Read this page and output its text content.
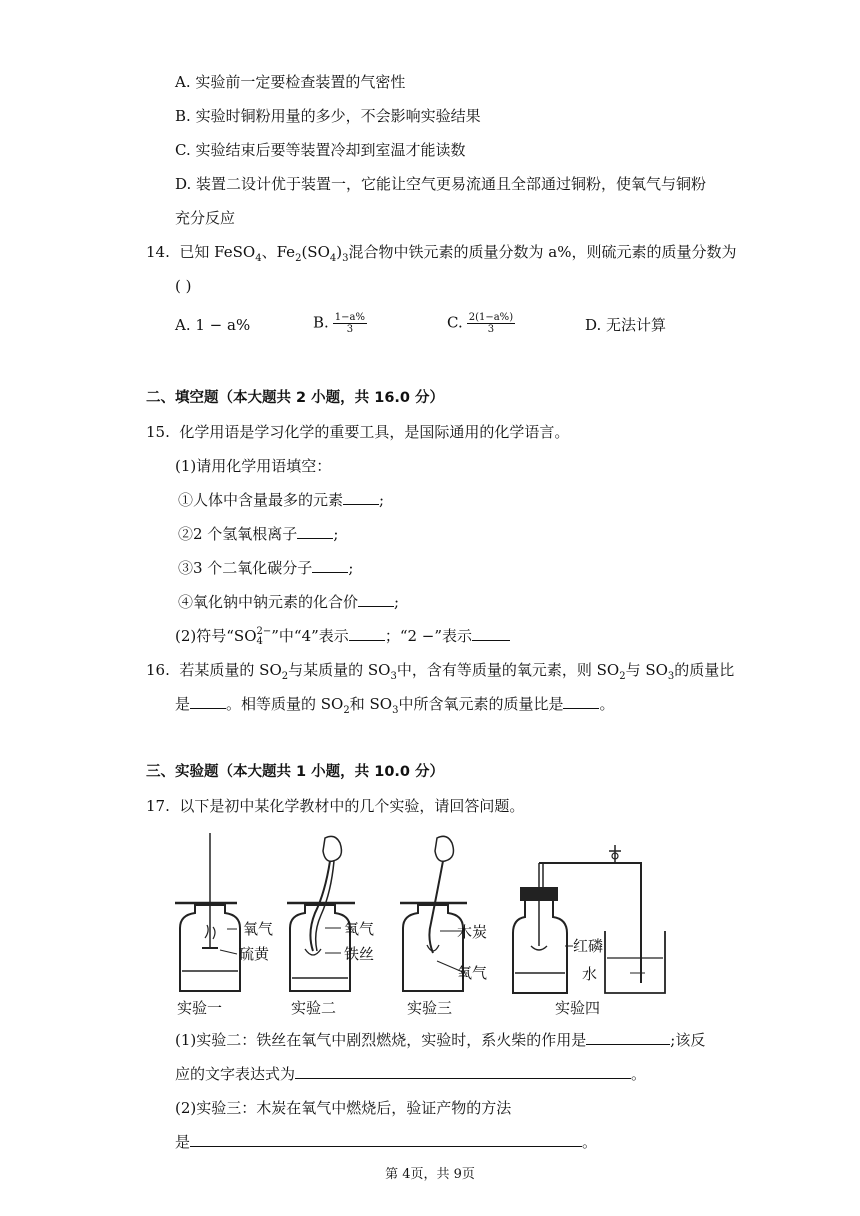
A. 实验前一定要检查装置的气密性
B. 实验时铜粉用量的多少，不会影响实验结果
C. 实验结束后要等装置冷却到室温才能读数
D. 装置二设计优于装置一，它能让空气更易流通且全部通过铜粉，使氧气与铜粉
充分反应
14. 已知 FeSO$_4$、$Fe_2(SO_4)_3$混合物中铁元素的质量分数为 a%，则硫元素的质量分数为
( )
A. 1 − a%	B. $\frac{1-a\%}{3}$	C. $\frac{2(1-a\%)}{3}$	D. 无法计算
二、填空题（本大题共 2 小题，共 16.0 分）
15. 化学用语是学习化学的重要工具，是国际通用的化学语言。
(1)请用化学用语填空：
①人体中含量最多的元素 ;
②2 个氢氧根离子 ;
③3 个二氧化碳分子 ;
④氧化钠中钠元素的化合价 ;
(2)符号“SO 2−
4 ”中“4”表示 ；“2 −”表示
16. 若某质量的 $SO_2$与某质量的 $SO_3$中，含有等质量的氧元素，则 $SO_2$与 $SO_3$的质量比
是 。相等质量的 $SO_2$和 $SO_3$中所含氧元素的质量比是 。
三、实验题（本大题共 1 小题，共 10.0 分）
17. 以下是初中某化学教材中的几个实验，请回答问题。
氧气
硫黄
氧气
铁丝
木炭
氧气
红磷
水
实验一	实验二	实验三	实验四
(1)实验二：铁丝在氧气中剧烈燃烧，实验时，系火柴的作用是	;该反
应的文字表达式为	。
(2)实验三：木炭在氧气中燃烧后，验证产物的方法
是	。
第 4页，共 9页
